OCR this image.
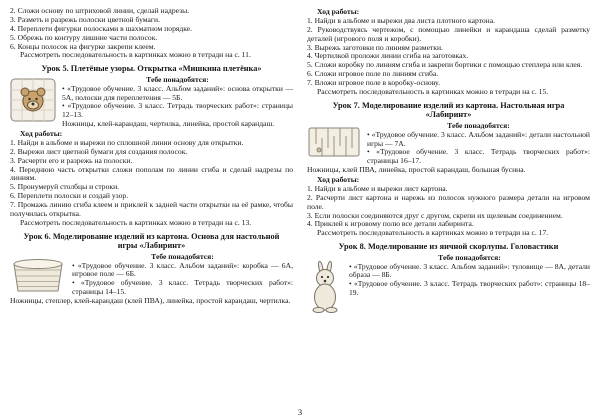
2. Сложи основу по штриховой линии, сделай надрезы.
3. Разметь и разрежь полоски цветной бумаги.
4. Переплети фигурки полосками в шахматном порядке.
5. Обрежь по контуру лишние части полосок.
6. Концы полосок на фигурке закрепи клеем.
Рассмотреть последовательность в картинках можно в тетради на с. 11.
Урок 5. Плетёные узоры. Открытка «Мишкина плетёнка»
Тебе понадобятся:
• «Трудовое обучение. 3 класс. Альбом заданий»: основа открытки — 5А, полоски для переплетения — 5Б.
• «Трудовое обучение. 3 класс. Тетрадь творческих работ»: страницы 12–13.
Ножницы, клей-карандаш, чертилка, линейка, простой карандаш.
Ход работы:
1. Найди в альбоме и вырежи по сплошной линии основу для открытки.
2. Вырежи лист цветной бумаги для создания полосок.
3. Расчерти его и разрежь на полоски.
4. Переднюю часть открытки сложи пополам по линии сгиба и сделай надрезы по линиям.
5. Пронумеруй столбцы и строки.
6. Переплети полоски и создай узор.
7. Промажь линию сгиба клеем и приклей к задней части открытки на её рамке, чтобы получилась открытка.
Рассмотреть последовательность в картинках можно в тетради на с. 13.
Урок 6. Моделирование изделий из картона. Основа для настольной игры «Лабиринт»
Тебе понадобятся:
• «Трудовое обучение. 3 класс. Альбом заданий»: коробка — 6А, игровое поле — 6Б.
• «Трудовое обучение. 3 класс. Тетрадь творческих работ»: страницы 14–15.
Ножницы, степлер, клей-карандаш (клей ПВА), линейка, простой карандаш, чертилка.
Ход работы:
1. Найди в альбоме и вырежи два листа плотного картона.
2. Руководствуясь чертежом, с помощью линейки и карандаша сделай разметку деталей (игрового поля и коробки).
3. Вырежь заготовки по линиям разметки.
4. Чертилкой проложи линии сгиба на заготовках.
5. Сложи коробку по линиям сгиба и закрепи бортики с помощью степлера или клея.
6. Сложи игровое поле по линиям сгиба.
7. Вложи игровое поле в коробку-основу.
Рассмотреть последовательность в картинках можно в тетради на с. 15.
Урок 7. Моделирование изделий из картона. Настольная игра «Лабиринт»
Тебе понадобятся:
• «Трудовое обучение. 3 класс. Альбом заданий»: детали настольной игры — 7А.
• «Трудовое обучение. 3 класс. Тетрадь творческих работ»: страницы 16–17.
Ножницы, клей ПВА, линейка, простой карандаш, большая бусина.
Ход работы:
1. Найди в альбоме и вырежи лист картона.
2. Расчерти лист картона и нарежь из полосок нужного размера детали на игровом поле.
3. Если полоски соединяются друг с другом, скрепи их щелевым соединением.
4. Приклей к игровому полю все детали лабиринта.
Рассмотреть последовательность в картинках можно в тетради на с. 17.
Урок 8. Моделирование из яичной скорлупы. Головастики
Тебе понадобятся:
• «Трудовое обучение. 3 класс. Альбом заданий»: туловище — 8А, детали образа — 8Б.
• «Трудовое обучение. 3 класс. Тетрадь творческих работ»: страницы 18–19.
3
